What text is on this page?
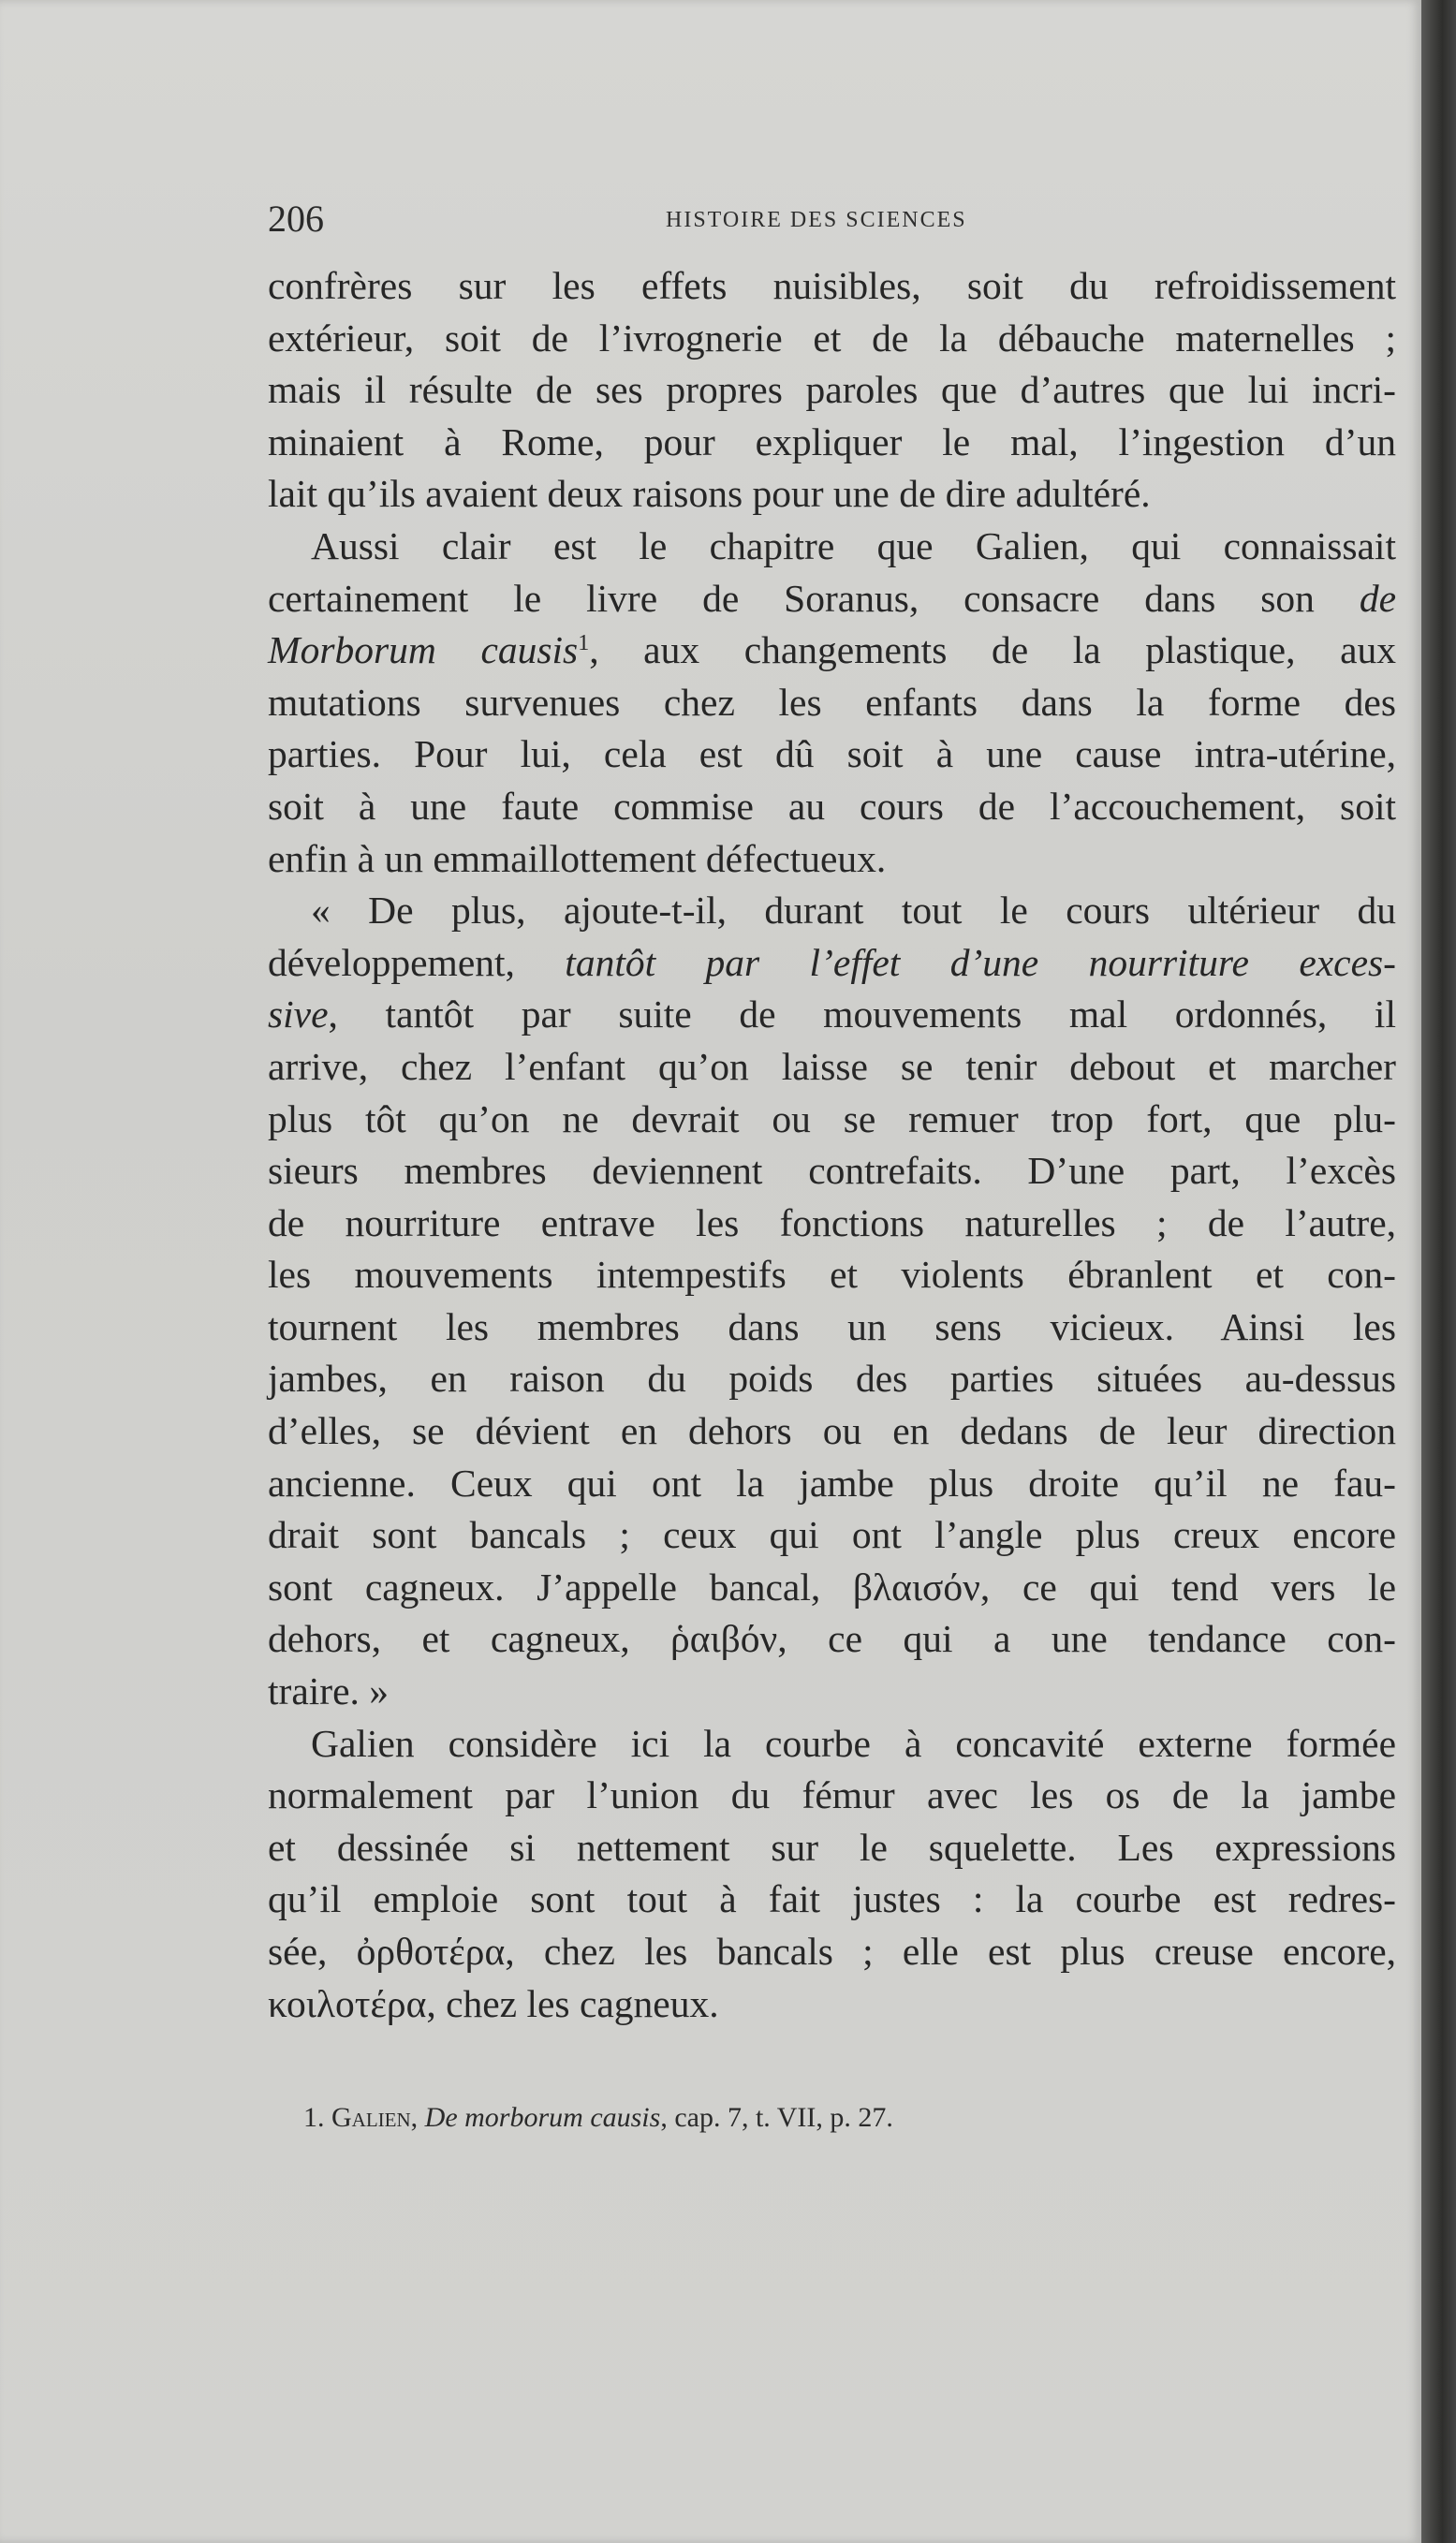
206	HISTOIRE DES SCIENCES
confrères sur les effets nuisibles, soit du refroidissement
extérieur, soit de l’ivrognerie et de la débauche maternelles ;
mais il résulte de ses propres paroles que d’autres que lui incri-
minaient à Rome, pour expliquer le mal, l’ingestion d’un
lait qu’ils avaient deux raisons pour une de dire adultéré.
Aussi clair est le chapitre que Galien, qui connaissait
certainement le livre de Soranus, consacre dans son de
Morborum causis$^1$, aux changements de la plastique, aux
mutations survenues chez les enfants dans la forme des
parties. Pour lui, cela est dû soit à une cause intra-utérine,
soit à une faute commise au cours de l’accouchement, soit
enfin à un emmaillottement défectueux.
« De plus, ajoute-t-il, durant tout le cours ultérieur du
développement, tantôt par l’effet d’une nourriture exces-
sive, tantôt par suite de mouvements mal ordonnés, il
arrive, chez l’enfant qu’on laisse se tenir debout et marcher
plus tôt qu’on ne devrait ou se remuer trop fort, que plu-
sieurs membres deviennent contrefaits. D’une part, l’excès
de nourriture entrave les fonctions naturelles ; de l’autre,
les mouvements intempestifs et violents ébranlent et con-
tournent les membres dans un sens vicieux. Ainsi les
jambes, en raison du poids des parties situées au-dessus
d’elles, se dévient en dehors ou en dedans de leur direction
ancienne. Ceux qui ont la jambe plus droite qu’il ne fau-
drait sont bancals ; ceux qui ont l’angle plus creux encore
sont cagneux. J’appelle bancal, βλαισόν, ce qui tend vers le
dehors, et cagneux, ῥαιβόν, ce qui a une tendance con-
traire. »
Galien considère ici la courbe à concavité externe formée
normalement par l’union du fémur avec les os de la jambe
et dessinée si nettement sur le squelette. Les expressions
qu’il emploie sont tout à fait justes : la courbe est redres-
sée, ὀρθοτέρα, chez les bancals ; elle est plus creuse encore,
κοιλοτέρα, chez les cagneux.
1. Galien, De morborum causis, cap. 7, t. VII, p. 27.
